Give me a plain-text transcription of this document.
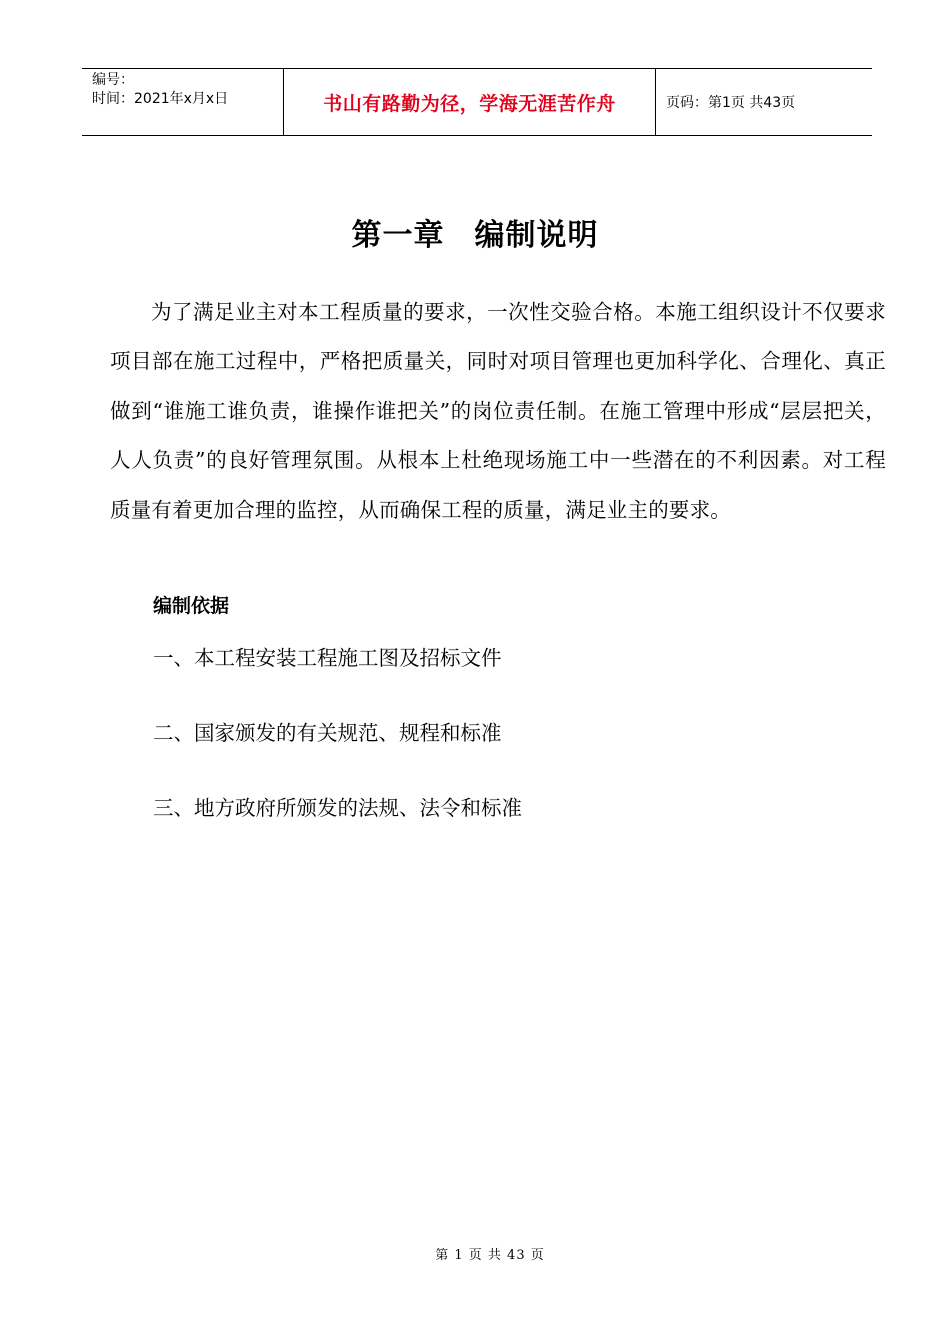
编号：
时间：2021年x月x日	书山有路勤为径，学海无涯苦作舟	页码：第1页 共43页
第一章 编制说明

为了满足业主对本工程质量的要求，一次性交验合格。本施工组织设计不仅要求项目部在施工过程中，严格把质量关，同时对项目管理也更加科学化、合理化、真正做到“谁施工谁负责，谁操作谁把关”的岗位责任制。在施工管理中形成“层层把关，人人负责”的良好管理氛围。从根本上杜绝现场施工中一些潜在的不利因素。对工程质量有着更加合理的监控，从而确保工程的质量，满足业主的要求。

编制依据
一、本工程安装工程施工图及招标文件
二、国家颁发的有关规范、规程和标准
三、地方政府所颁发的法规、法令和标准
第 1 页 共 43 页
